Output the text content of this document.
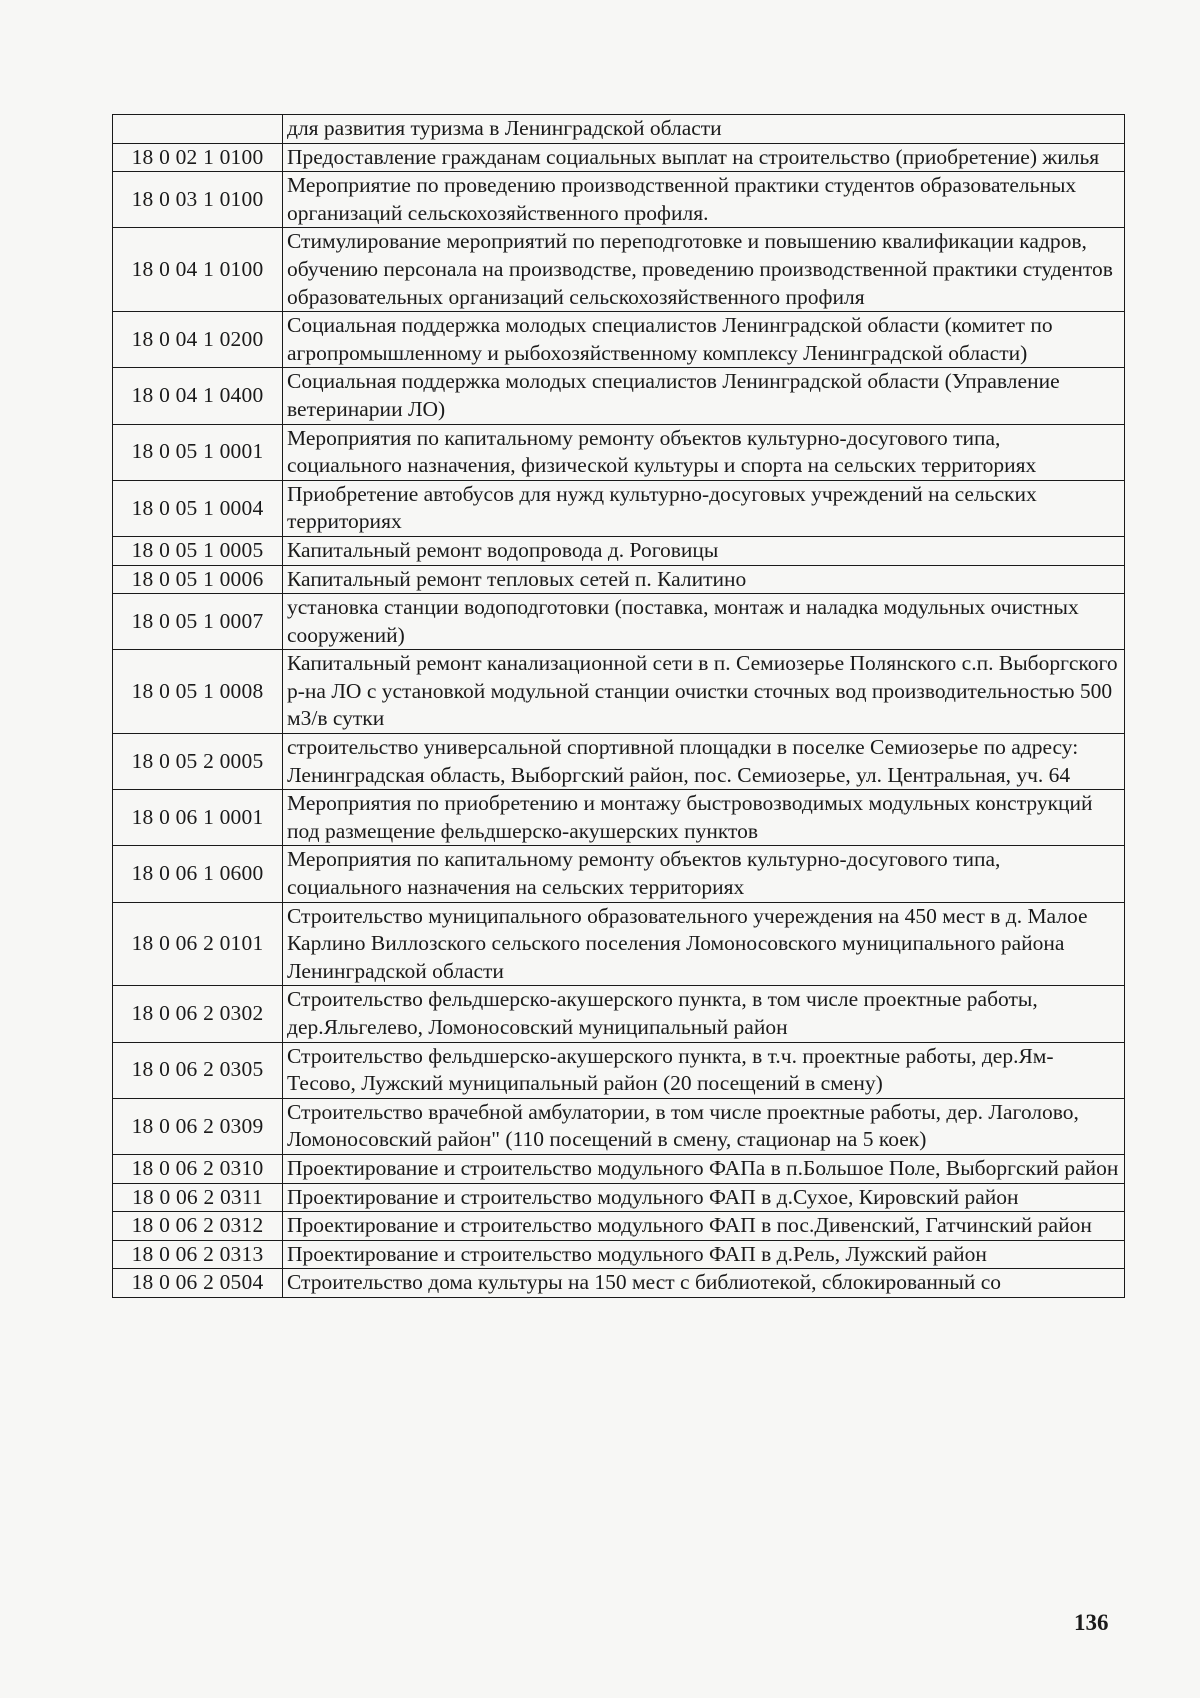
	для развития туризма в Ленинградской области
18 0 02 1 0100	Предоставление гражданам социальных выплат на строительство (приобретение) жилья
18 0 03 1 0100	Мероприятие по проведению производственной практики студентов образовательных организаций сельскохозяйственного профиля.
18 0 04 1 0100	Стимулирование мероприятий по переподготовке и повышению квалификации кадров, обучению персонала на производстве, проведению производственной практики студентов образовательных организаций сельскохозяйственного профиля
18 0 04 1 0200	Социальная поддержка молодых специалистов Ленинградской области (комитет по агропромышленному и рыбохозяйственному комплексу Ленинградской области)
18 0 04 1 0400	Социальная поддержка молодых специалистов Ленинградской области (Управление ветеринарии ЛО)
18 0 05 1 0001	Мероприятия по капитальному ремонту объектов культурно-досугового типа, социального назначения, физической культуры и спорта на сельских территориях
18 0 05 1 0004	Приобретение автобусов для нужд культурно-досуговых учреждений на сельских территориях
18 0 05 1 0005	Капитальный ремонт водопровода д. Роговицы
18 0 05 1 0006	Капитальный ремонт тепловых сетей п. Калитино
18 0 05 1 0007	установка станции водоподготовки (поставка, монтаж и наладка модульных очистных сооружений)
18 0 05 1 0008	Капитальный ремонт канализационной сети в п. Семиозерье Полянского с.п. Выборгского р-на ЛО с установкой модульной станции очистки сточных вод производительностью 500 м3/в сутки
18 0 05 2 0005	строительство универсальной спортивной площадки в поселке Семиозерье по адресу: Ленинградская область, Выборгский район, пос. Семиозерье, ул. Центральная, уч. 64
18 0 06 1 0001	Мероприятия по приобретению и монтажу быстровозводимых модульных конструкций под размещение фельдшерско-акушерских пунктов
18 0 06 1 0600	Мероприятия по капитальному ремонту объектов культурно-досугового типа, социального назначения на сельских территориях
18 0 06 2 0101	Строительство муниципального образовательного учереждения на 450 мест в д. Малое Карлино Виллозского сельского поселения Ломоносовского муниципального района Ленинградской области
18 0 06 2 0302	Строительство фельдшерско-акушерского пункта, в том числе проектные работы, дер.Яльгелево, Ломоносовский муниципальный район
18 0 06 2 0305	Строительство фельдшерско-акушерского пункта, в т.ч. проектные работы, дер.Ям-Тесово, Лужский муниципальный район (20 посещений в смену)
18 0 06 2 0309	Строительство врачебной амбулатории, в том числе проектные работы, дер. Лаголово, Ломоносовский район" (110 посещений в смену, стационар на 5 коек)
18 0 06 2 0310	Проектирование и строительство модульного ФАПа в п.Большое Поле, Выборгский район
18 0 06 2 0311	Проектирование и строительство модульного ФАП в д.Сухое, Кировский район
18 0 06 2 0312	Проектирование и строительство модульного ФАП в пос.Дивенский, Гатчинский район
18 0 06 2 0313	Проектирование и строительство модульного ФАП в д.Рель, Лужский район
18 0 06 2 0504	Строительство дома культуры на 150 мест с библиотекой, сблокированный со
136
